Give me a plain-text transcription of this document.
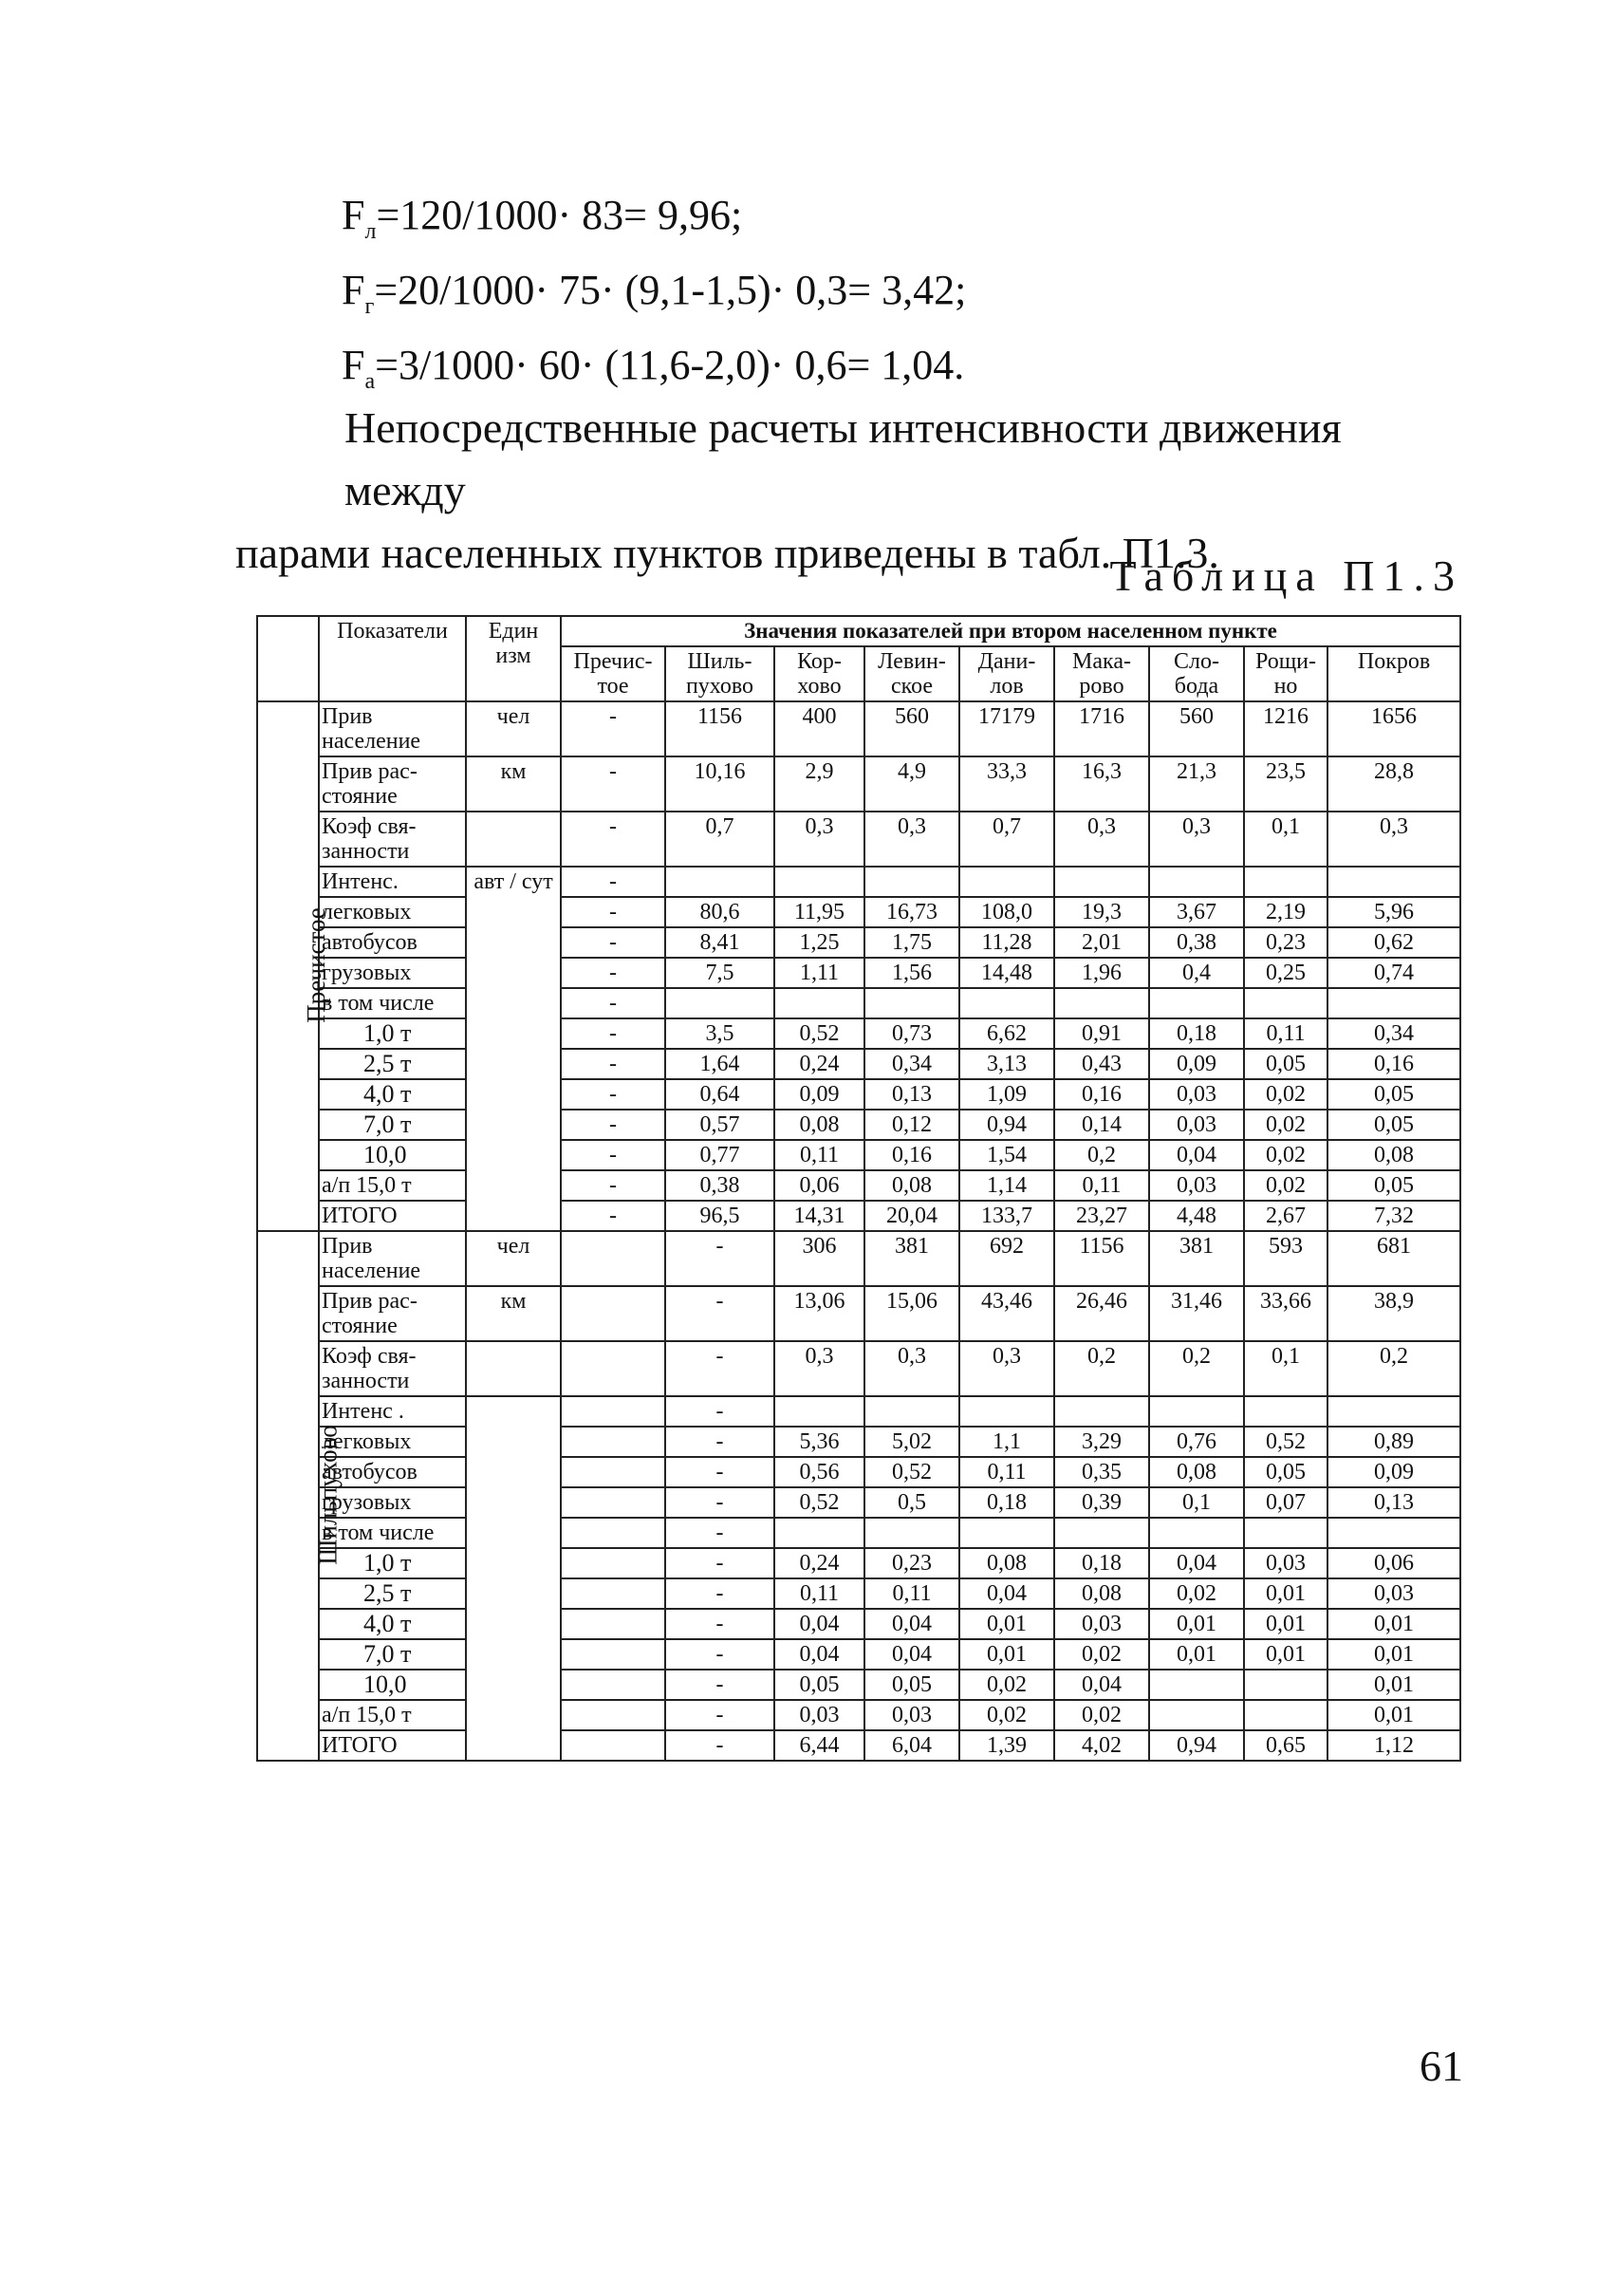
$F_л=120/1000\cdot 83= 9,96$;

$F_г=20/1000\cdot 75\cdot (9,1-1,5)\cdot 0,3= 3,42$;

$F_а=3/1000\cdot 60\cdot (11,6-2,0)\cdot 0,6= 1,04$.

Непосредственные расчеты интенсивности движения между
парами населенных пунктов приведены в табл. П1.3.

Таблица П1.3

	Показатели	Един изм	Значения показателей при втором населенном пункте								
			Пречис- тое	Шиль- пухово	Кор- хово	Левин- ское	Дани- лов	Мака- рово	Сло- бода	Рощи- но	Покров
Пречистое	Прив население	чел	-	1156	400	560	17179	1716	560	1216	1656
	Прив рас- стояние	км	-	10,16	2,9	4,9	33,3	16,3	21,3	23,5	28,8
	Коэф свя- занности		-	0,7	0,3	0,3	0,7	0,3	0,3	0,1	0,3
	Интенс.	авт / сут	-								
	легковых		-	80,6	11,95	16,73	108,0	19,3	3,67	2,19	5,96
	автобусов		-	8,41	1,25	1,75	11,28	2,01	0,38	0,23	0,62
	грузовых		-	7,5	1,11	1,56	14,48	1,96	0,4	0,25	0,74
	в том числе		-								
	1,0 т		-	3,5	0,52	0,73	6,62	0,91	0,18	0,11	0,34
	2,5 т		-	1,64	0,24	0,34	3,13	0,43	0,09	0,05	0,16
	4,0 т		-	0,64	0,09	0,13	1,09	0,16	0,03	0,02	0,05
	7,0 т		-	0,57	0,08	0,12	0,94	0,14	0,03	0,02	0,05
	10,0		-	0,77	0,11	0,16	1,54	0,2	0,04	0,02	0,08
	а/п 15,0 т		-	0,38	0,06	0,08	1,14	0,11	0,03	0,02	0,05
	ИТОГО		-	96,5	14,31	20,04	133,7	23,27	4,48	2,67	7,32
Шильпухово	Прив население	чел		-	306	381	692	1156	381	593	681
	Прив рас- стояние	км		-	13,06	15,06	43,46	26,46	31,46	33,66	38,9
	Коэф свя- занности			-	0,3	0,3	0,3	0,2	0,2	0,1	0,2
	Интенс .			-							
	легковых			-	5,36	5,02	1,1	3,29	0,76	0,52	0,89
	автобусов			-	0,56	0,52	0,11	0,35	0,08	0,05	0,09
	грузовых			-	0,52	0,5	0,18	0,39	0,1	0,07	0,13
	в том числе			-							
	1,0 т			-	0,24	0,23	0,08	0,18	0,04	0,03	0,06
	2,5 т			-	0,11	0,11	0,04	0,08	0,02	0,01	0,03
	4,0 т			-	0,04	0,04	0,01	0,03	0,01	0,01	0,01
	7,0 т			-	0,04	0,04	0,01	0,02	0,01	0,01	0,01
	10,0			-	0,05	0,05	0,02	0,04			0,01
	а/п 15,0 т			-	0,03	0,03	0,02	0,02			0,01
	ИТОГО			-	6,44	6,04	1,39	4,02	0,94	0,65	1,12

61
